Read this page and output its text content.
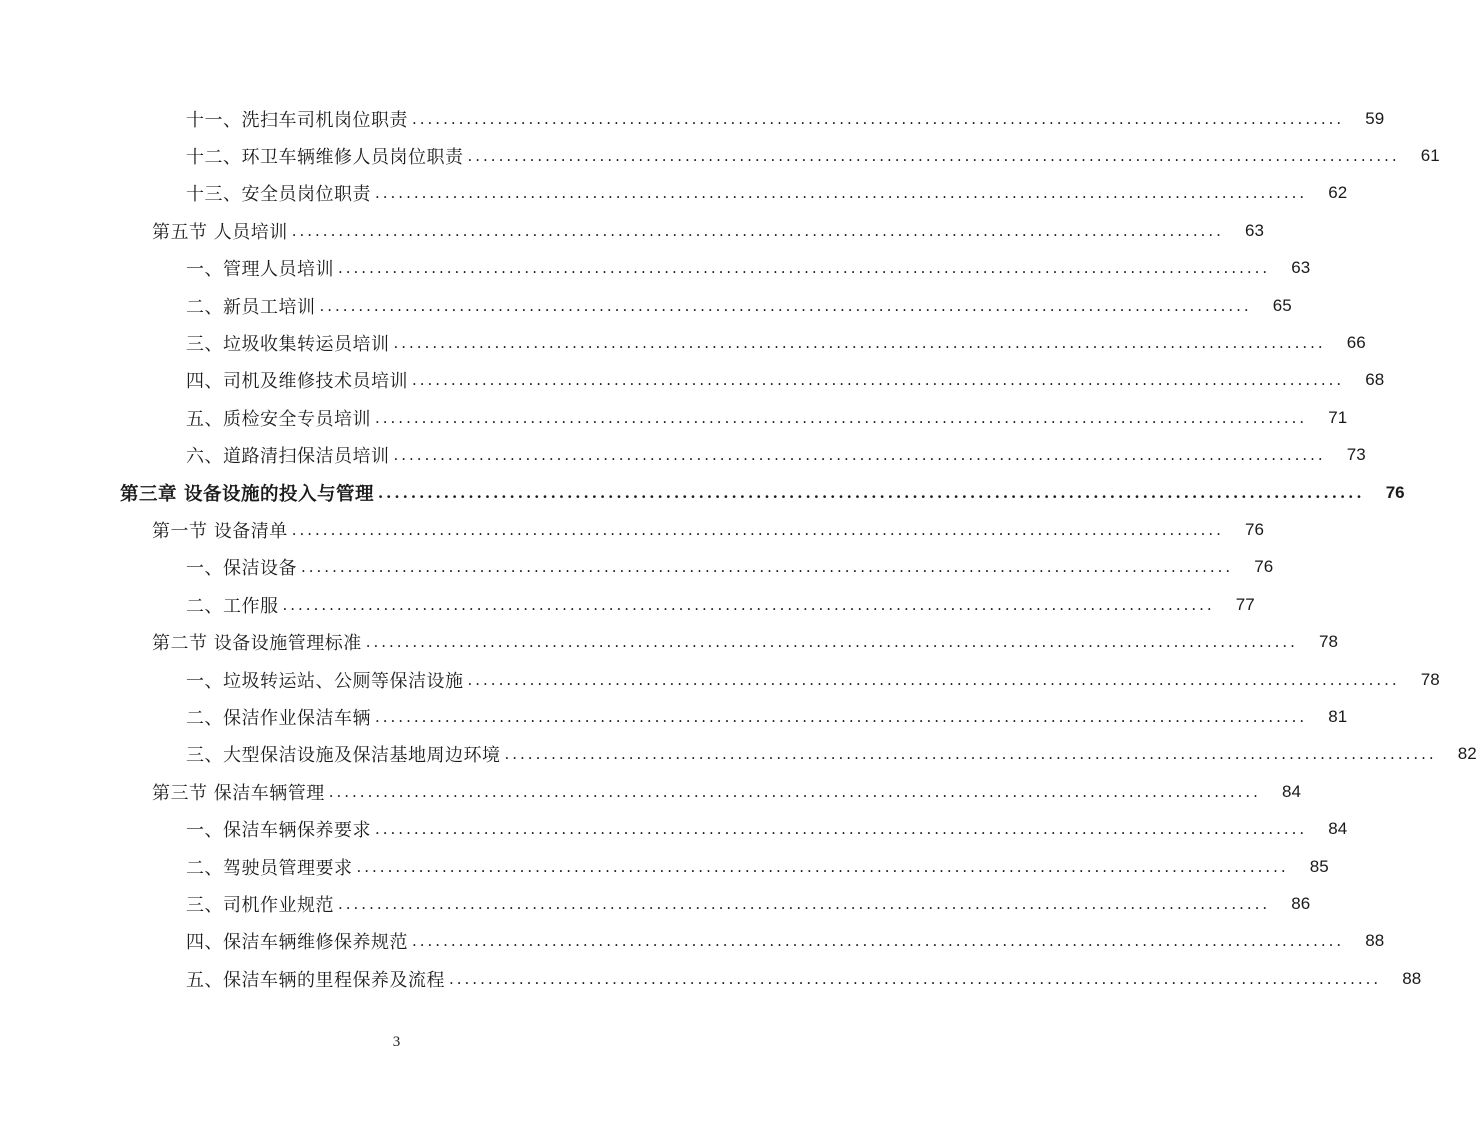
十一、洗扫车司机岗位职责 ........................................................................................................................	59
十二、环卫车辆维修人员岗位职责 ........................................................................................................................	61
十三、安全员岗位职责 ........................................................................................................................	62
第五节 人员培训 ........................................................................................................................	63
一、管理人员培训 ........................................................................................................................	63
二、新员工培训 ........................................................................................................................	65
三、垃圾收集转运员培训 ........................................................................................................................	66
四、司机及维修技术员培训 ........................................................................................................................	68
五、质检安全专员培训 ........................................................................................................................	71
六、道路清扫保洁员培训 ........................................................................................................................	73
第三章 设备设施的投入与管理 ........................................................................................................................	76
第一节 设备清单 ........................................................................................................................	76
一、保洁设备 ........................................................................................................................	76
二、工作服 ........................................................................................................................	77
第二节 设备设施管理标准 ........................................................................................................................	78
一、垃圾转运站、公厕等保洁设施 ........................................................................................................................	78
二、保洁作业保洁车辆 ........................................................................................................................	81
三、大型保洁设施及保洁基地周边环境 ........................................................................................................................	82
第三节 保洁车辆管理 ........................................................................................................................	84
一、保洁车辆保养要求 ........................................................................................................................	84
二、驾驶员管理要求 ........................................................................................................................	85
三、司机作业规范 ........................................................................................................................	86
四、保洁车辆维修保养规范 ........................................................................................................................	88
五、保洁车辆的里程保养及流程 ........................................................................................................................	88
3
